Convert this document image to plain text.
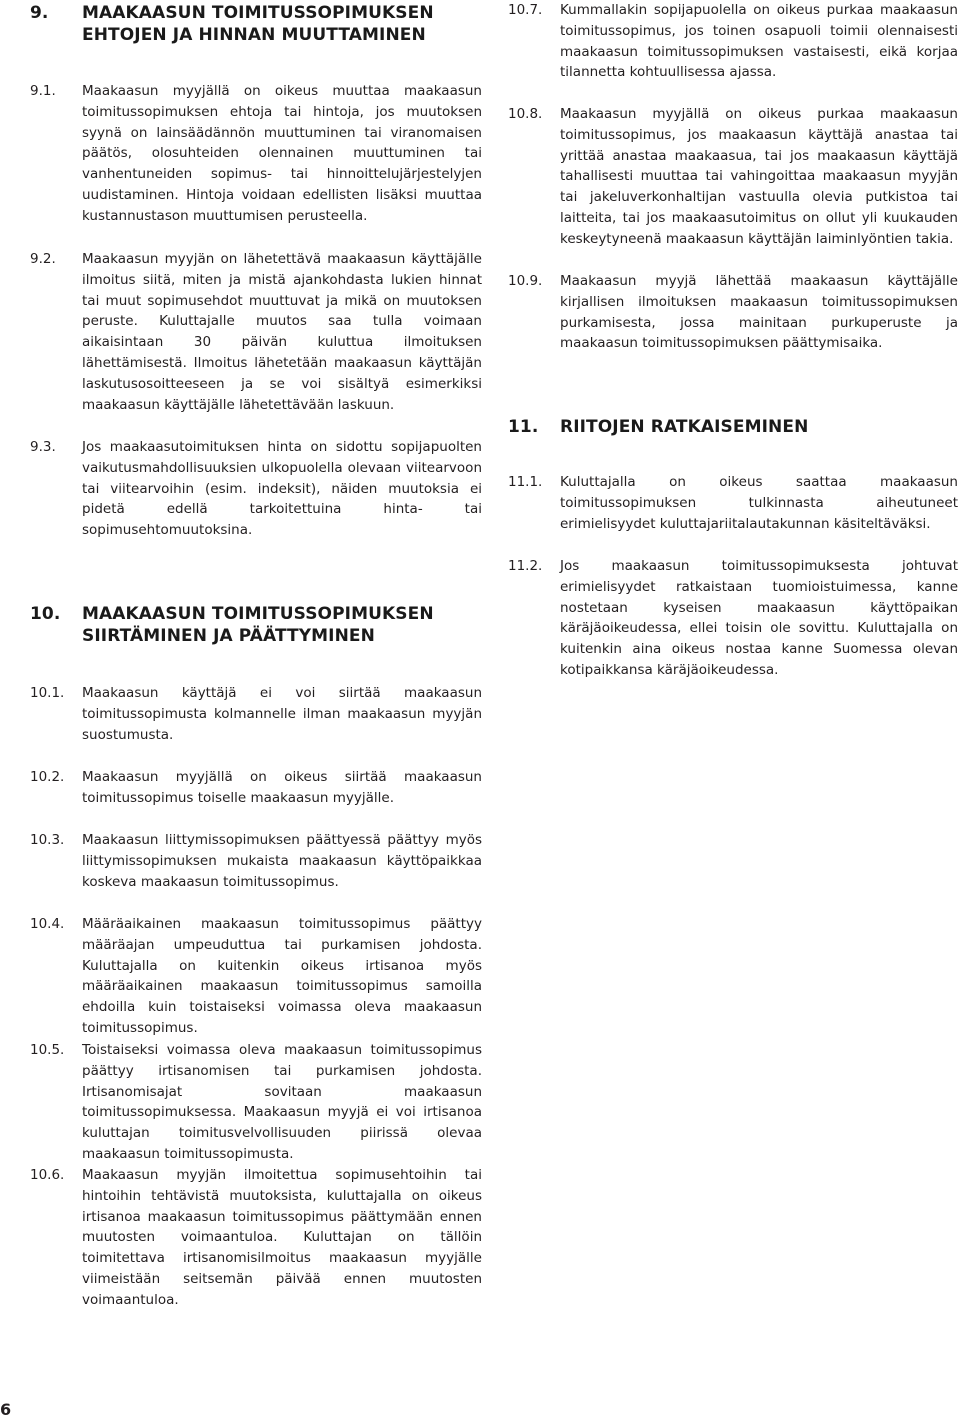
9.	MAAKAASUN TOIMITUSSOPIMUKSEN EHTOJEN JA HINNAN MUUTTAMINEN
9.1.	Maakaasun myyjällä on oikeus muuttaa maakaasun toimitussopimuksen ehtoja tai hintoja, jos muutoksen syynä on lainsäädännön muuttuminen tai viranomaisen päätös, olosuhteiden olennainen muuttuminen tai vanhentuneiden sopimus- tai hinnoittelujärjestelyjen uudistaminen. Hintoja voidaan edellisten lisäksi muuttaa kustannustason muuttumisen perusteella.
9.2.	Maakaasun myyjän on lähetettävä maakaasun käyttäjälle ilmoitus siitä, miten ja mistä ajankohdasta lukien hinnat tai muut sopimusehdot muuttuvat ja mikä on muutoksen peruste. Kuluttajalle muutos saa tulla voimaan aikaisintaan 30 päivän kuluttua ilmoituksen lähettämisestä. Ilmoitus lähetetään maakaasun käyttäjän laskutusosoitteeseen ja se voi sisältyä esimerkiksi maakaasun käyttäjälle lähetettävään laskuun.
9.3.	Jos maakaasutoimituksen hinta on sidottu sopijapuolten vaikutusmahdollisuuksien ulkopuolella olevaan viitearvoon tai viitearvoihin (esim. indeksit), näiden muutoksia ei pidetä edellä tarkoitettuina hinta- tai sopimusehtomuutoksina.
10.	MAAKAASUN TOIMITUSSOPIMUKSEN SIIRTÄMINEN JA PÄÄTTYMINEN
10.1.	Maakaasun käyttäjä ei voi siirtää maakaasun toimitussopimusta kolmannelle ilman maakaasun myyjän suostumusta.
10.2.	Maakaasun myyjällä on oikeus siirtää maakaasun toimitussopimus toiselle maakaasun myyjälle.
10.3.	Maakaasun liittymissopimuksen päättyessä päättyy myös liittymissopimuksen mukaista maakaasun käyttöpaikkaa koskeva maakaasun toimitussopimus.
10.4.	Määräaikainen maakaasun toimitussopimus päättyy määräajan umpeuduttua tai purkamisen johdosta. Kuluttajalla on kuitenkin oikeus irtisanoa myös määräaikainen maakaasun toimitussopimus samoilla ehdoilla kuin toistaiseksi voimassa oleva maakaasun toimitussopimus.
10.5.	Toistaiseksi voimassa oleva maakaasun toimitussopimus päättyy irtisanomisen tai purkamisen johdosta. Irtisanomisajat sovitaan maakaasun toimitussopimuksessa. Maakaasun myyjä ei voi irtisanoa kuluttajan toimitusvelvollisuuden piirissä olevaa maakaasun toimitussopimusta.
10.6.	Maakaasun myyjän ilmoitettua sopimusehtoihin tai hintoihin tehtävistä muutoksista, kuluttajalla on oikeus irtisanoa maakaasun toimitussopimus päättymään ennen muutosten voimaantuloa. Kuluttajan on tällöin toimitettava irtisanomisilmoitus maakaasun myyjälle viimeistään seitsemän päivää ennen muutosten voimaantuloa.
10.7.	Kummallakin sopijapuolella on oikeus purkaa maakaasun toimitussopimus, jos toinen osapuoli toimii olennaisesti maakaasun toimitussopimuksen vastaisesti, eikä korjaa tilannetta kohtuullisessa ajassa.
10.8.	Maakaasun myyjällä on oikeus purkaa maakaasun toimitussopimus, jos maakaasun käyttäjä anastaa tai yrittää anastaa maakaasua, tai jos maakaasun käyttäjä tahallisesti muuttaa tai vahingoittaa maakaasun myyjän tai jakeluverkonhaltijan vastuulla olevia putkistoa tai laitteita, tai jos maakaasutoimitus on ollut yli kuukauden keskeytyneenä maakaasun käyttäjän laiminlyöntien takia.
10.9.	Maakaasun myyjä lähettää maakaasun käyttäjälle kirjallisen ilmoituksen maakaasun toimitussopimuksen purkamisesta, jossa mainitaan purkuperuste ja maakaasun toimitussopimuksen päättymisaika.
11.	RIITOJEN RATKAISEMINEN
11.1.	Kuluttajalla on oikeus saattaa maakaasun toimitussopimuksen tulkinnasta aiheutuneet erimielisyydet kuluttajariitalautakunnan käsiteltäväksi.
11.2.	Jos maakaasun toimitussopimuksesta johtuvat erimielisyydet ratkaistaan tuomioistuimessa, kanne nostetaan kyseisen maakaasun käyttöpaikan käräjäoikeudessa, ellei toisin ole sovittu. Kuluttajalla on kuitenkin aina oikeus nostaa kanne Suomessa olevan kotipaikkansa käräjäoikeudessa.
6
